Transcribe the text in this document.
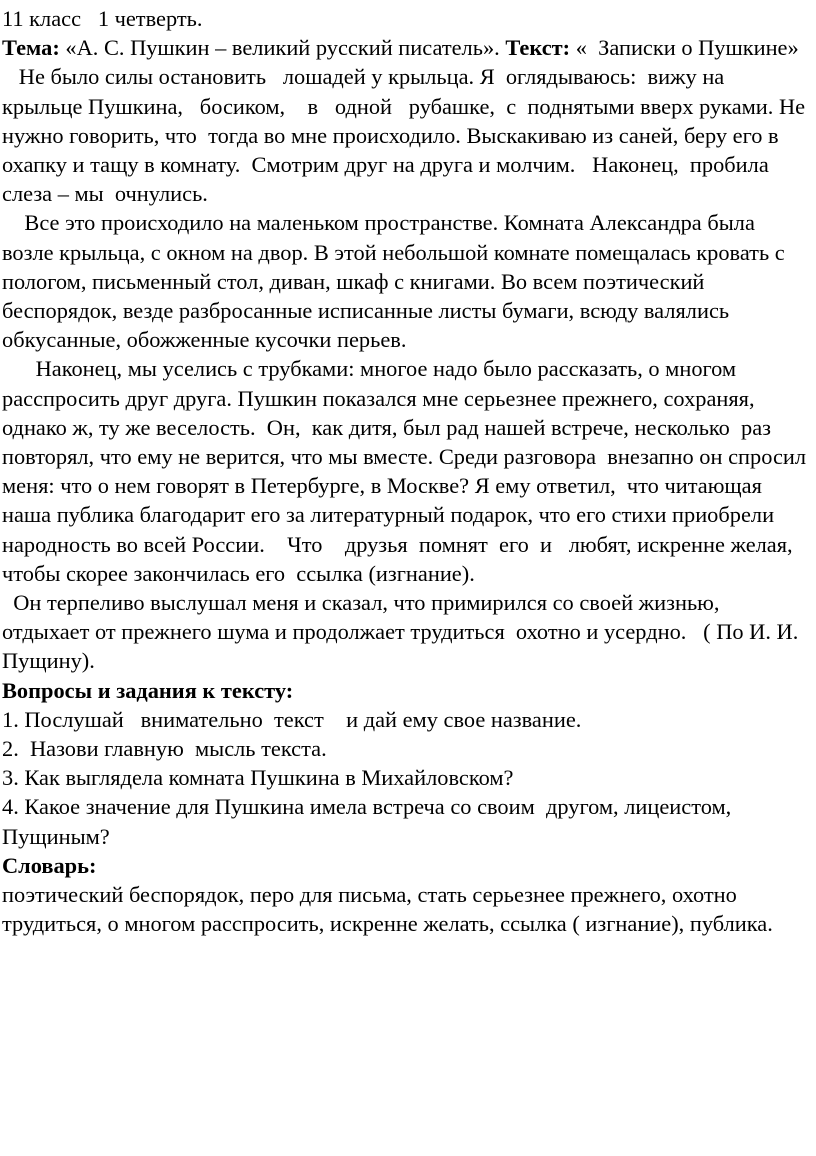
11 класс   1 четверть.

Тема: «А. С. Пушкин – великий русский писатель». Текст: «  Записки о Пушкине»

Не было силы остановить   лошадей у крыльца. Я  оглядываюсь:  вижу на крыльце Пушкина,   босиком,    в   одной   рубашке,  с  поднятыми вверх руками. Не нужно говорить, что  тогда во мне происходило. Выскакиваю из саней, беру его в охапку и тащу в комнату.  Смотрим друг на друга и молчим.   Наконец,  пробила   слеза – мы  очнулись.

Все это происходило на маленьком пространстве. Комната Александра была возле крыльца, с окном на двор. В этой небольшой комнате помещалась кровать с пологом, письменный стол, диван, шкаф с книгами. Во всем поэтический беспорядок, везде разбросанные исписанные листы бумаги, всюду валялись обкусанные, обожженные кусочки перьев.

Наконец, мы уселись с трубками: многое надо было рассказать, о многом расспросить друг друга. Пушкин показался мне серьезнее прежнего, сохраняя, однако ж, ту же веселость.  Он,  как дитя, был рад нашей встрече, несколько  раз повторял, что ему не верится, что мы вместе. Среди разговора  внезапно он спросил меня: что о нем говорят в Петербурге, в Москве? Я ему ответил,  что читающая наша публика благодарит его за литературный подарок, что его стихи приобрели народность во всей России.    Что    друзья  помнят  его  и   любят, искренне желая, чтобы скорее закончилась его  ссылка (изгнание).

Он терпеливо выслушал меня и сказал, что примирился со своей жизнью, отдыхает от прежнего шума и продолжает трудиться  охотно и усердно.   ( По И. И. Пущину).

Вопросы и задания к тексту:

1. Послушай   внимательно  текст    и дай ему свое название.

2.  Назови главную  мысль текста.

3. Как выглядела комната Пушкина в Михайловском?

4. Какое значение для Пушкина имела встреча со своим  другом, лицеистом,  Пущиным?

Словарь:

поэтический беспорядок, перо для письма, стать серьезнее прежнего, охотно трудиться, о многом расспросить, искренне желать, ссылка ( изгнание), публика.
